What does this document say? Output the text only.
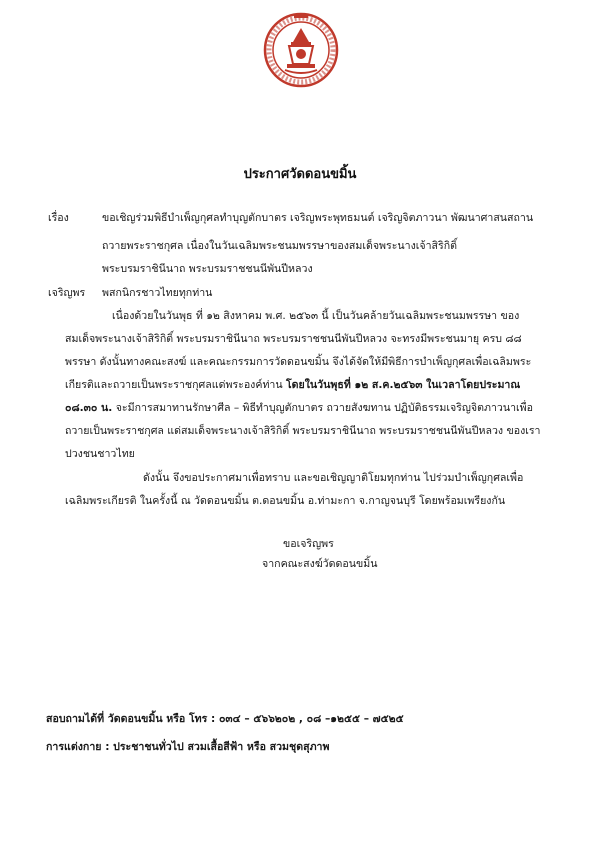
ประกาศวัดดอนขมิ้น
เรื่อง	ขอเชิญร่วมพิธีบำเพ็ญกุศลทำบุญตักบาตร เจริญพระพุทธมนต์ เจริญจิตภาวนา พัฒนาศาสนสถาน
ถวายพระราชกุศล เนื่องในวันเฉลิมพระชนมพรรษาของสมเด็จพระนางเจ้าสิริกิติ์
พระบรมราชินีนาถ พระบรมราชชนนีพันปีหลวง
เจริญพร พสกนิกรชาวไทยทุกท่าน
เนื่องด้วยในวันพุธ ที่ ๑๒ สิงหาคม พ.ศ. ๒๕๖๓ นี้ เป็นวันคล้ายวันเฉลิมพระชนมพรรษา ของ
สมเด็จพระนางเจ้าสิริกิติ์ พระบรมราชินีนาถ พระบรมราชชนนีพันปีหลวง จะทรงมีพระชนมายุ ครบ ๘๘
พรรษา ดังนั้นทางคณะสงฆ์ และคณะกรรมการวัดดอนขมิ้น จึงได้จัดให้มีพิธีการบำเพ็ญกุศลเพื่อเฉลิมพระ
เกียรติและถวายเป็นพระราชกุศลแด่พระองค์ท่าน โดยในวันพุธที่ ๑๒ ส.ค.๒๕๖๓ ในเวลาโดยประมาณ
๐๘.๓๐ น. จะมีการสมาทานรักษาศีล – พิธีทำบุญตักบาตร ถวายสังฆทาน ปฏิบัติธรรมเจริญจิตภาวนาเพื่อ
ถวายเป็นพระราชกุศล แด่สมเด็จพระนางเจ้าสิริกิติ์ พระบรมราชินีนาถ พระบรมราชชนนีพันปีหลวง ของเรา
ปวงชนชาวไทย
ดังนั้น จึงขอประกาศมาเพื่อทราบ และขอเชิญญาติโยมทุกท่าน ไปร่วมบำเพ็ญกุศลเพื่อ
เฉลิมพระเกียรติ ในครั้งนี้ ณ วัดดอนขมิ้น ต.ดอนขมิ้น อ.ท่ามะกา จ.กาญจนบุรี โดยพร้อมเพรียงกัน
ขอเจริญพร
จากคณะสงฆ์วัดดอนขมิ้น
สอบถามได้ที่ วัดดอนขมิ้น หรือ โทร : ๐๓๔ – ๕๖๖๒๐๒ , ๐๘ –๑๒๕๕ – ๗๕๒๕
การแต่งกาย : ประชาชนทั่วไป สวมเสื้อสีฟ้า หรือ สวมชุดสุภาพ
